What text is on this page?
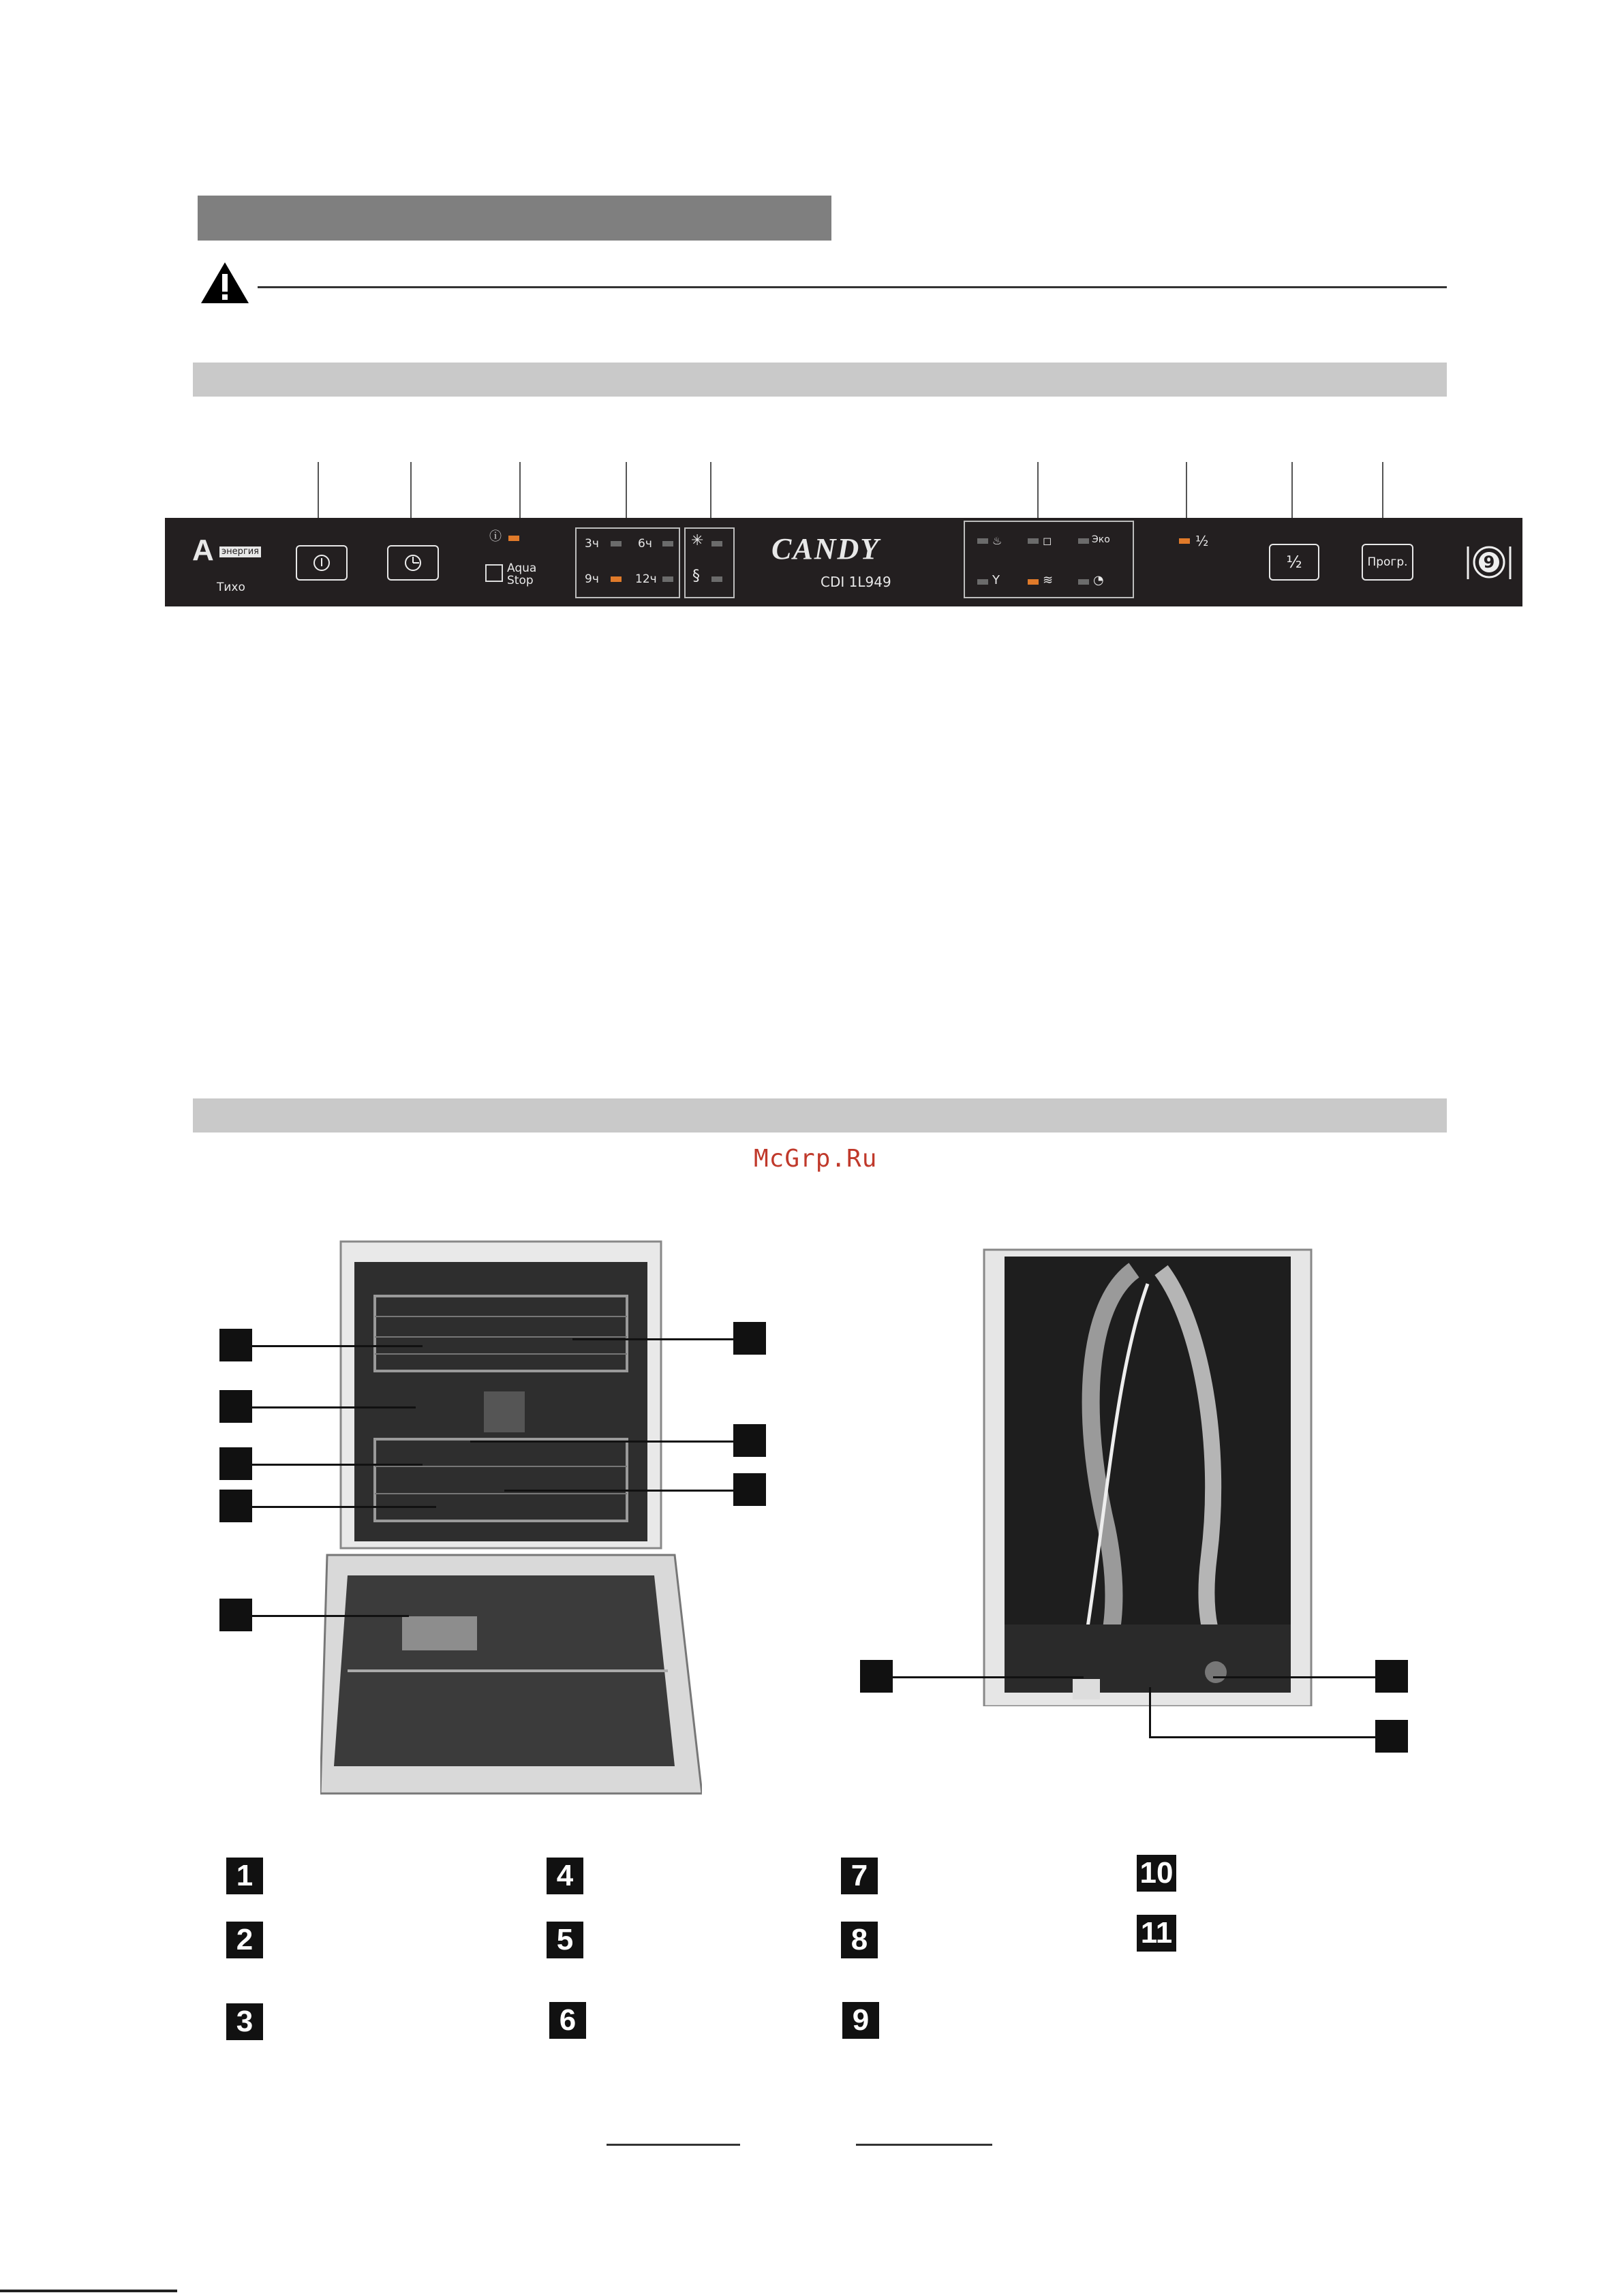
A энергия
Тихо
ⓘ
Aqua
Stop
3ч	6ч
9ч	12ч
✳
§
CANDY
CDI 1L949
♨	◻	Эко
Y	≋	◔
½
½	Прогр.	9
McGrp.Ru
1	4	7	10
2	5	8	11
3	6	9
